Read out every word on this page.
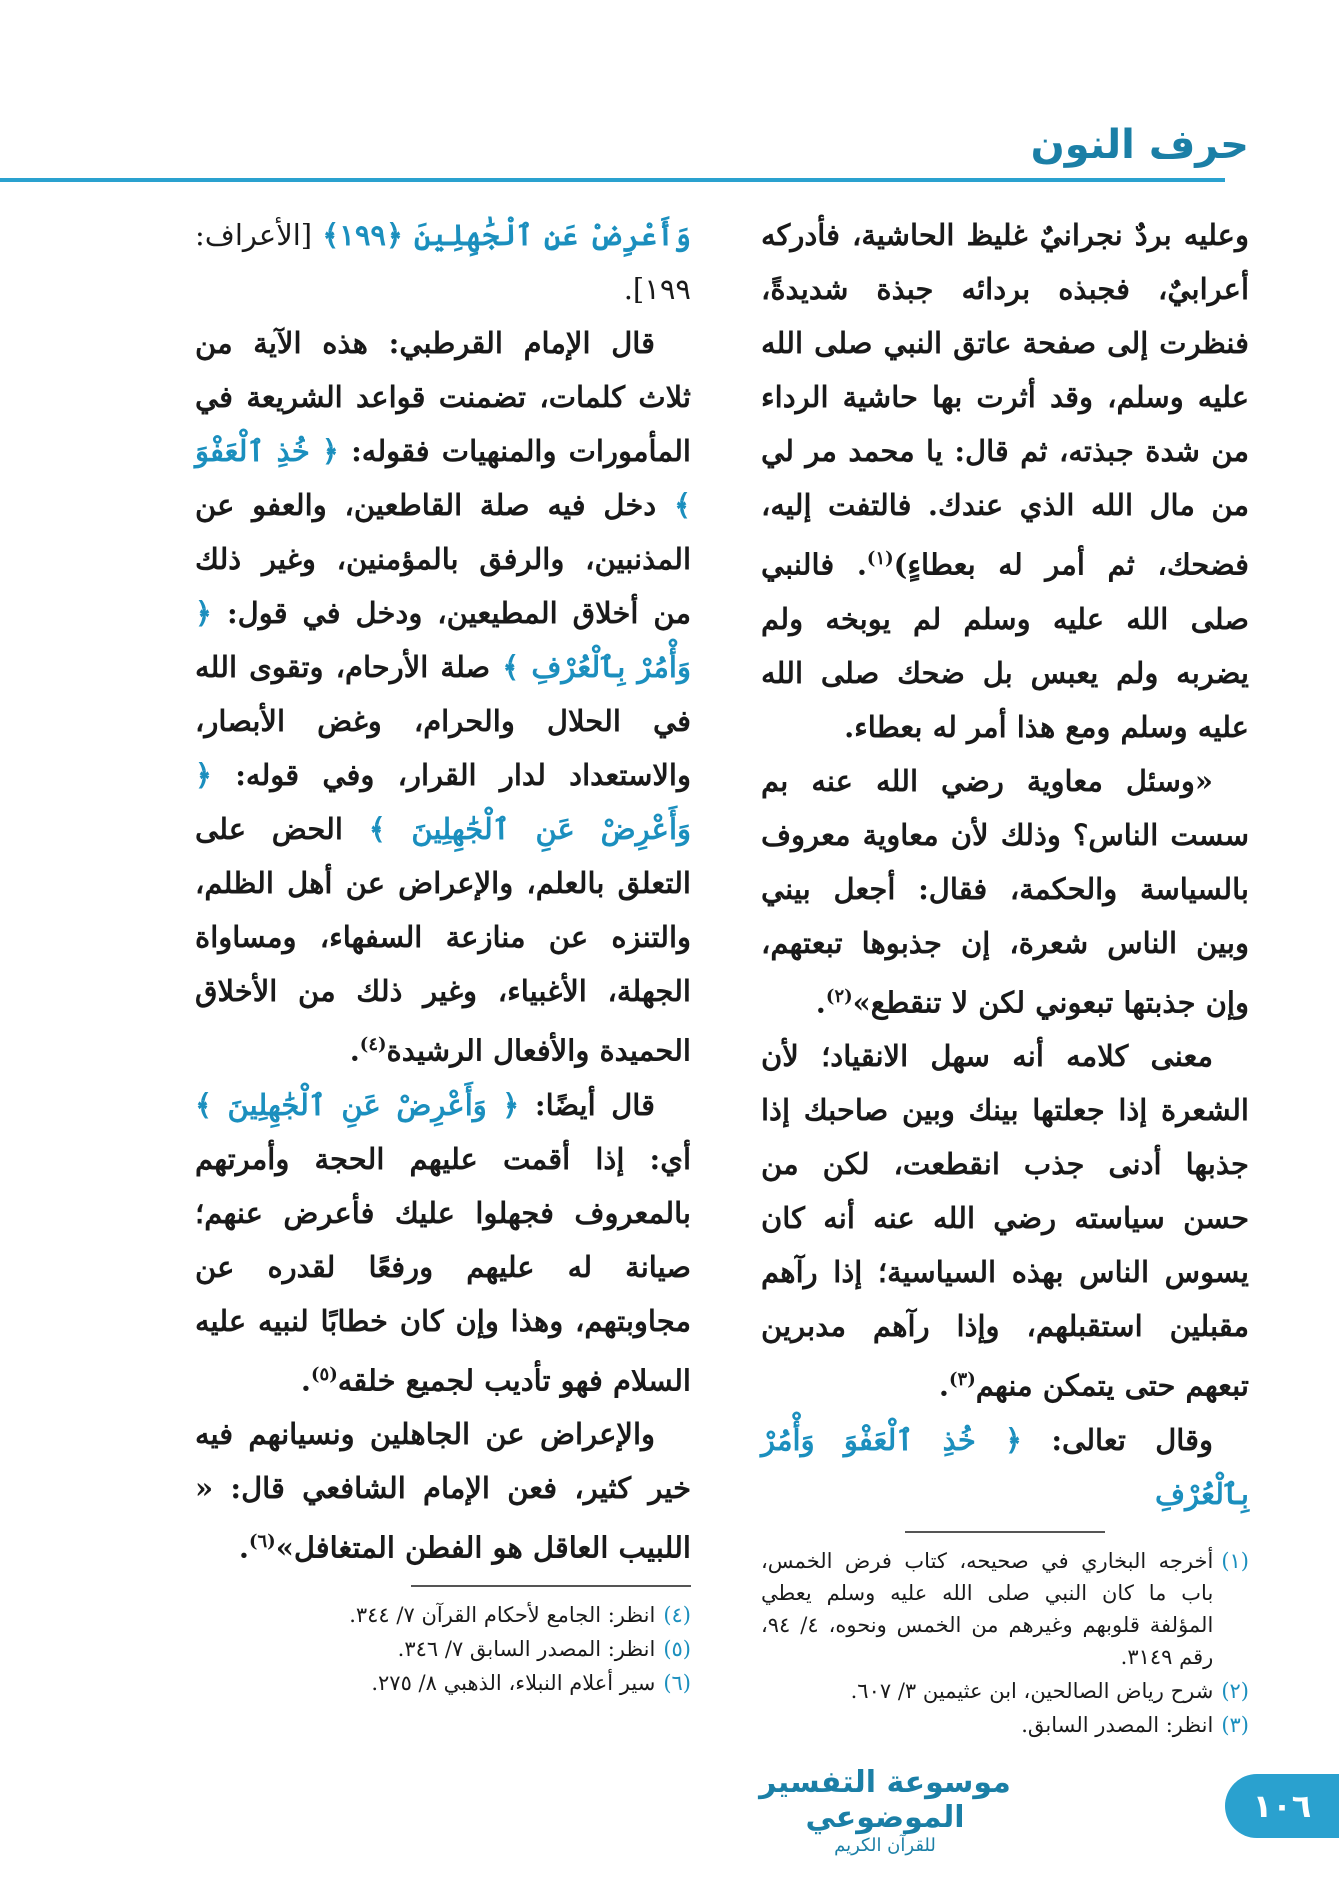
حرف النون

وعليه بردٌ نجرانيٌ غليظ الحاشية، فأدركه أعرابيٌ، فجبذه بردائه جبذة شديدةً، فنظرت إلى صفحة عاتق النبي صلى الله عليه وسلم، وقد أثرت بها حاشية الرداء من شدة جبذته، ثم قال: يا محمد مر لي من مال الله الذي عندك. فالتفت إليه، فضحك، ثم أمر له بعطاءٍ)$^{(١)}$. فالنبي صلى الله عليه وسلم لم يوبخه ولم يضربه ولم يعبس بل ضحك صلى الله عليه وسلم ومع هذا أمر له بعطاء.

«وسئل معاوية رضي الله عنه بم سست الناس؟ وذلك لأن معاوية معروف بالسياسة والحكمة، فقال: أجعل بيني وبين الناس شعرة، إن جذبوها تبعتهم، وإن جذبتها تبعوني لكن لا تنقطع»$^{(٢)}$.

معنى كلامه أنه سهل الانقياد؛ لأن الشعرة إذا جعلتها بينك وبين صاحبك إذا جذبها أدنى جذب انقطعت، لكن من حسن سياسته رضي الله عنه أنه كان يسوس الناس بهذه السياسية؛ إذا رآهم مقبلين استقبلهم، وإذا رآهم مدبرين تبعهم حتى يتمكن منهم$^{(٣)}$.

وقال تعالى: ﴿ خُذِ ٱلْعَفْوَ وَأْمُرْ بِٱلْعُرْفِ

(١)
أخرجه البخاري في صحيحه، كتاب فرض الخمس، باب ما كان النبي صلى الله عليه وسلم يعطي المؤلفة قلوبهم وغيرهم من الخمس ونحوه، ٤/ ٩٤، رقم ٣١٤٩.
(٢)
شرح رياض الصالحين، ابن عثيمين ٣/ ٦٠٧.
(٣)
انظر: المصدر السابق.

وَأَعْرِضْ عَنِ ٱلْجَٰهِلِينَ ﴿١٩٩﴾ [الأعراف: ١٩٩].

قال الإمام القرطبي: هذه الآية من ثلاث كلمات، تضمنت قواعد الشريعة في المأمورات والمنهيات فقوله: ﴿ خُذِ ٱلْعَفْوَ ﴾ دخل فيه صلة القاطعين، والعفو عن المذنبين، والرفق بالمؤمنين، وغير ذلك من أخلاق المطيعين، ودخل في قول: ﴿ وَأْمُرْ بِٱلْعُرْفِ ﴾ صلة الأرحام، وتقوى الله في الحلال والحرام، وغض الأبصار، والاستعداد لدار القرار، وفي قوله: ﴿ وَأَعْرِضْ عَنِ ٱلْجَٰهِلِينَ ﴾ الحض على التعلق بالعلم، والإعراض عن أهل الظلم، والتنزه عن منازعة السفهاء، ومساواة الجهلة، الأغبياء، وغير ذلك من الأخلاق الحميدة والأفعال الرشيدة$^{(٤)}$.

قال أيضًا: ﴿ وَأَعْرِضْ عَنِ ٱلْجَٰهِلِينَ ﴾ أي: إذا أقمت عليهم الحجة وأمرتهم بالمعروف فجهلوا عليك فأعرض عنهم؛ صيانة له عليهم ورفعًا لقدره عن مجاوبتهم، وهذا وإن كان خطابًا لنبيه عليه السلام فهو تأديب لجميع خلقه$^{(٥)}$.

والإعراض عن الجاهلين ونسيانهم فيه خير كثير، فعن الإمام الشافعي قال: « اللبيب العاقل هو الفطن المتغافل»$^{(٦)}$.

(٤)
انظر: الجامع لأحكام القرآن ٧/ ٣٤٤.
(٥)
انظر: المصدر السابق ٧/ ٣٤٦.
(٦)
سير أعلام النبلاء، الذهبي ٨/ ٢٧٥.
موسوعة التفسير الموضوعي
للقرآن الكريم
١٠٦
